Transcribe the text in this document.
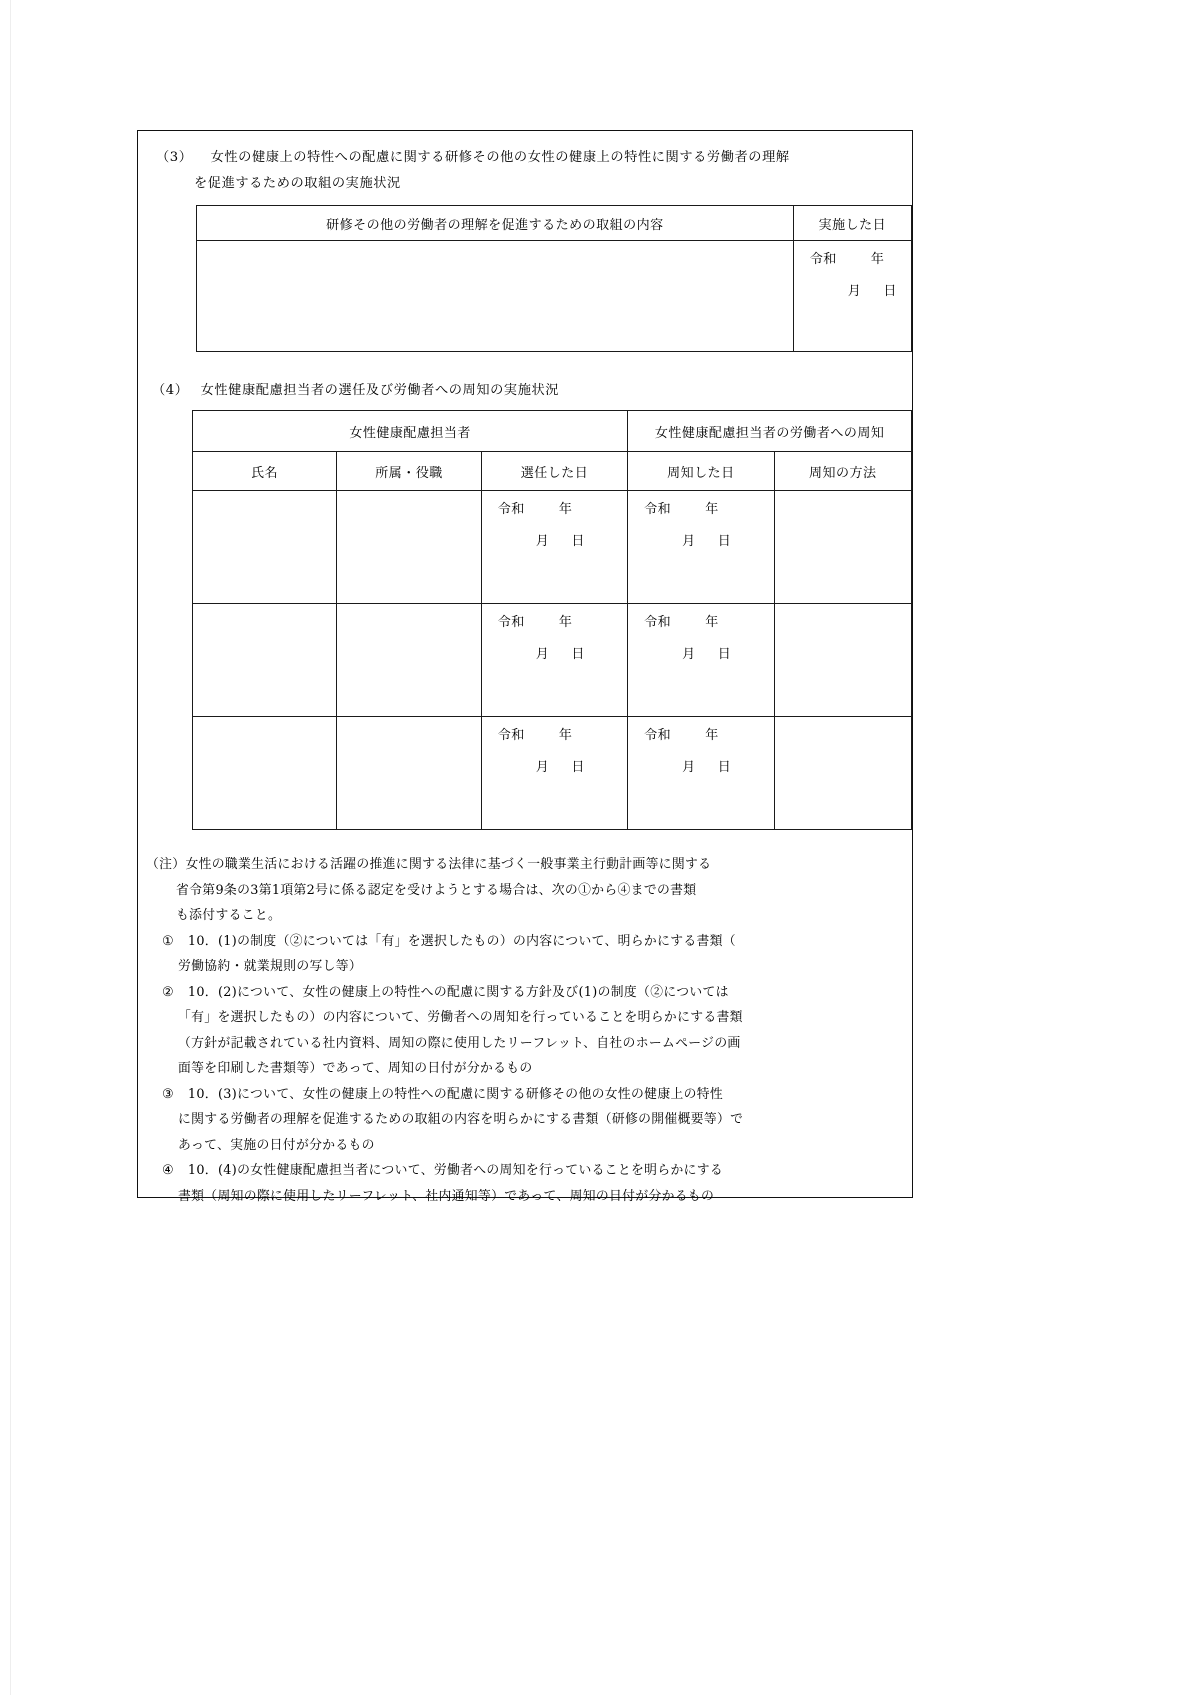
（3） 女性の健康上の特性への配慮に関する研修その他の女性の健康上の特性に関する労働者の理解
を促進するための取組の実施状況
研修その他の労働者の理解を促進するための取組の内容	実施した日

	令和 年
月 日
（4） 女性健康配慮担当者の選任及び労働者への周知の実施状況
女性健康配慮担当者			女性健康配慮担当者の労働者への周知	
氏名	所属・役職	選任した日	周知した日	周知の方法

		令和 年
月 日	令和 年
月 日	

		令和 年
月 日	令和 年
月 日	

		令和 年
月 日	令和 年
月 日	

（注）女性の職業生活における活躍の推進に関する法律に基づく一般事業主行動計画等に関する
省令第9条の3第1項第2号に係る認定を受けようとする場合は、次の①から④までの書類
も添付すること。
① 10．(1)の制度（②については「有」を選択したもの）の内容について、明らかにする書類（
労働協約・就業規則の写し等）
② 10．(2)について、女性の健康上の特性への配慮に関する方針及び(1)の制度（②については
「有」を選択したもの）の内容について、労働者への周知を行っていることを明らかにする書類
（方針が記載されている社内資料、周知の際に使用したリーフレット、自社のホームページの画
面等を印刷した書類等）であって、周知の日付が分かるもの
③ 10．(3)について、女性の健康上の特性への配慮に関する研修その他の女性の健康上の特性
に関する労働者の理解を促進するための取組の内容を明らかにする書類（研修の開催概要等）で
あって、実施の日付が分かるもの
④ 10．(4)の女性健康配慮担当者について、労働者への周知を行っていることを明らかにする
書類（周知の際に使用したリーフレット、社内通知等）であって、周知の日付が分かるもの
